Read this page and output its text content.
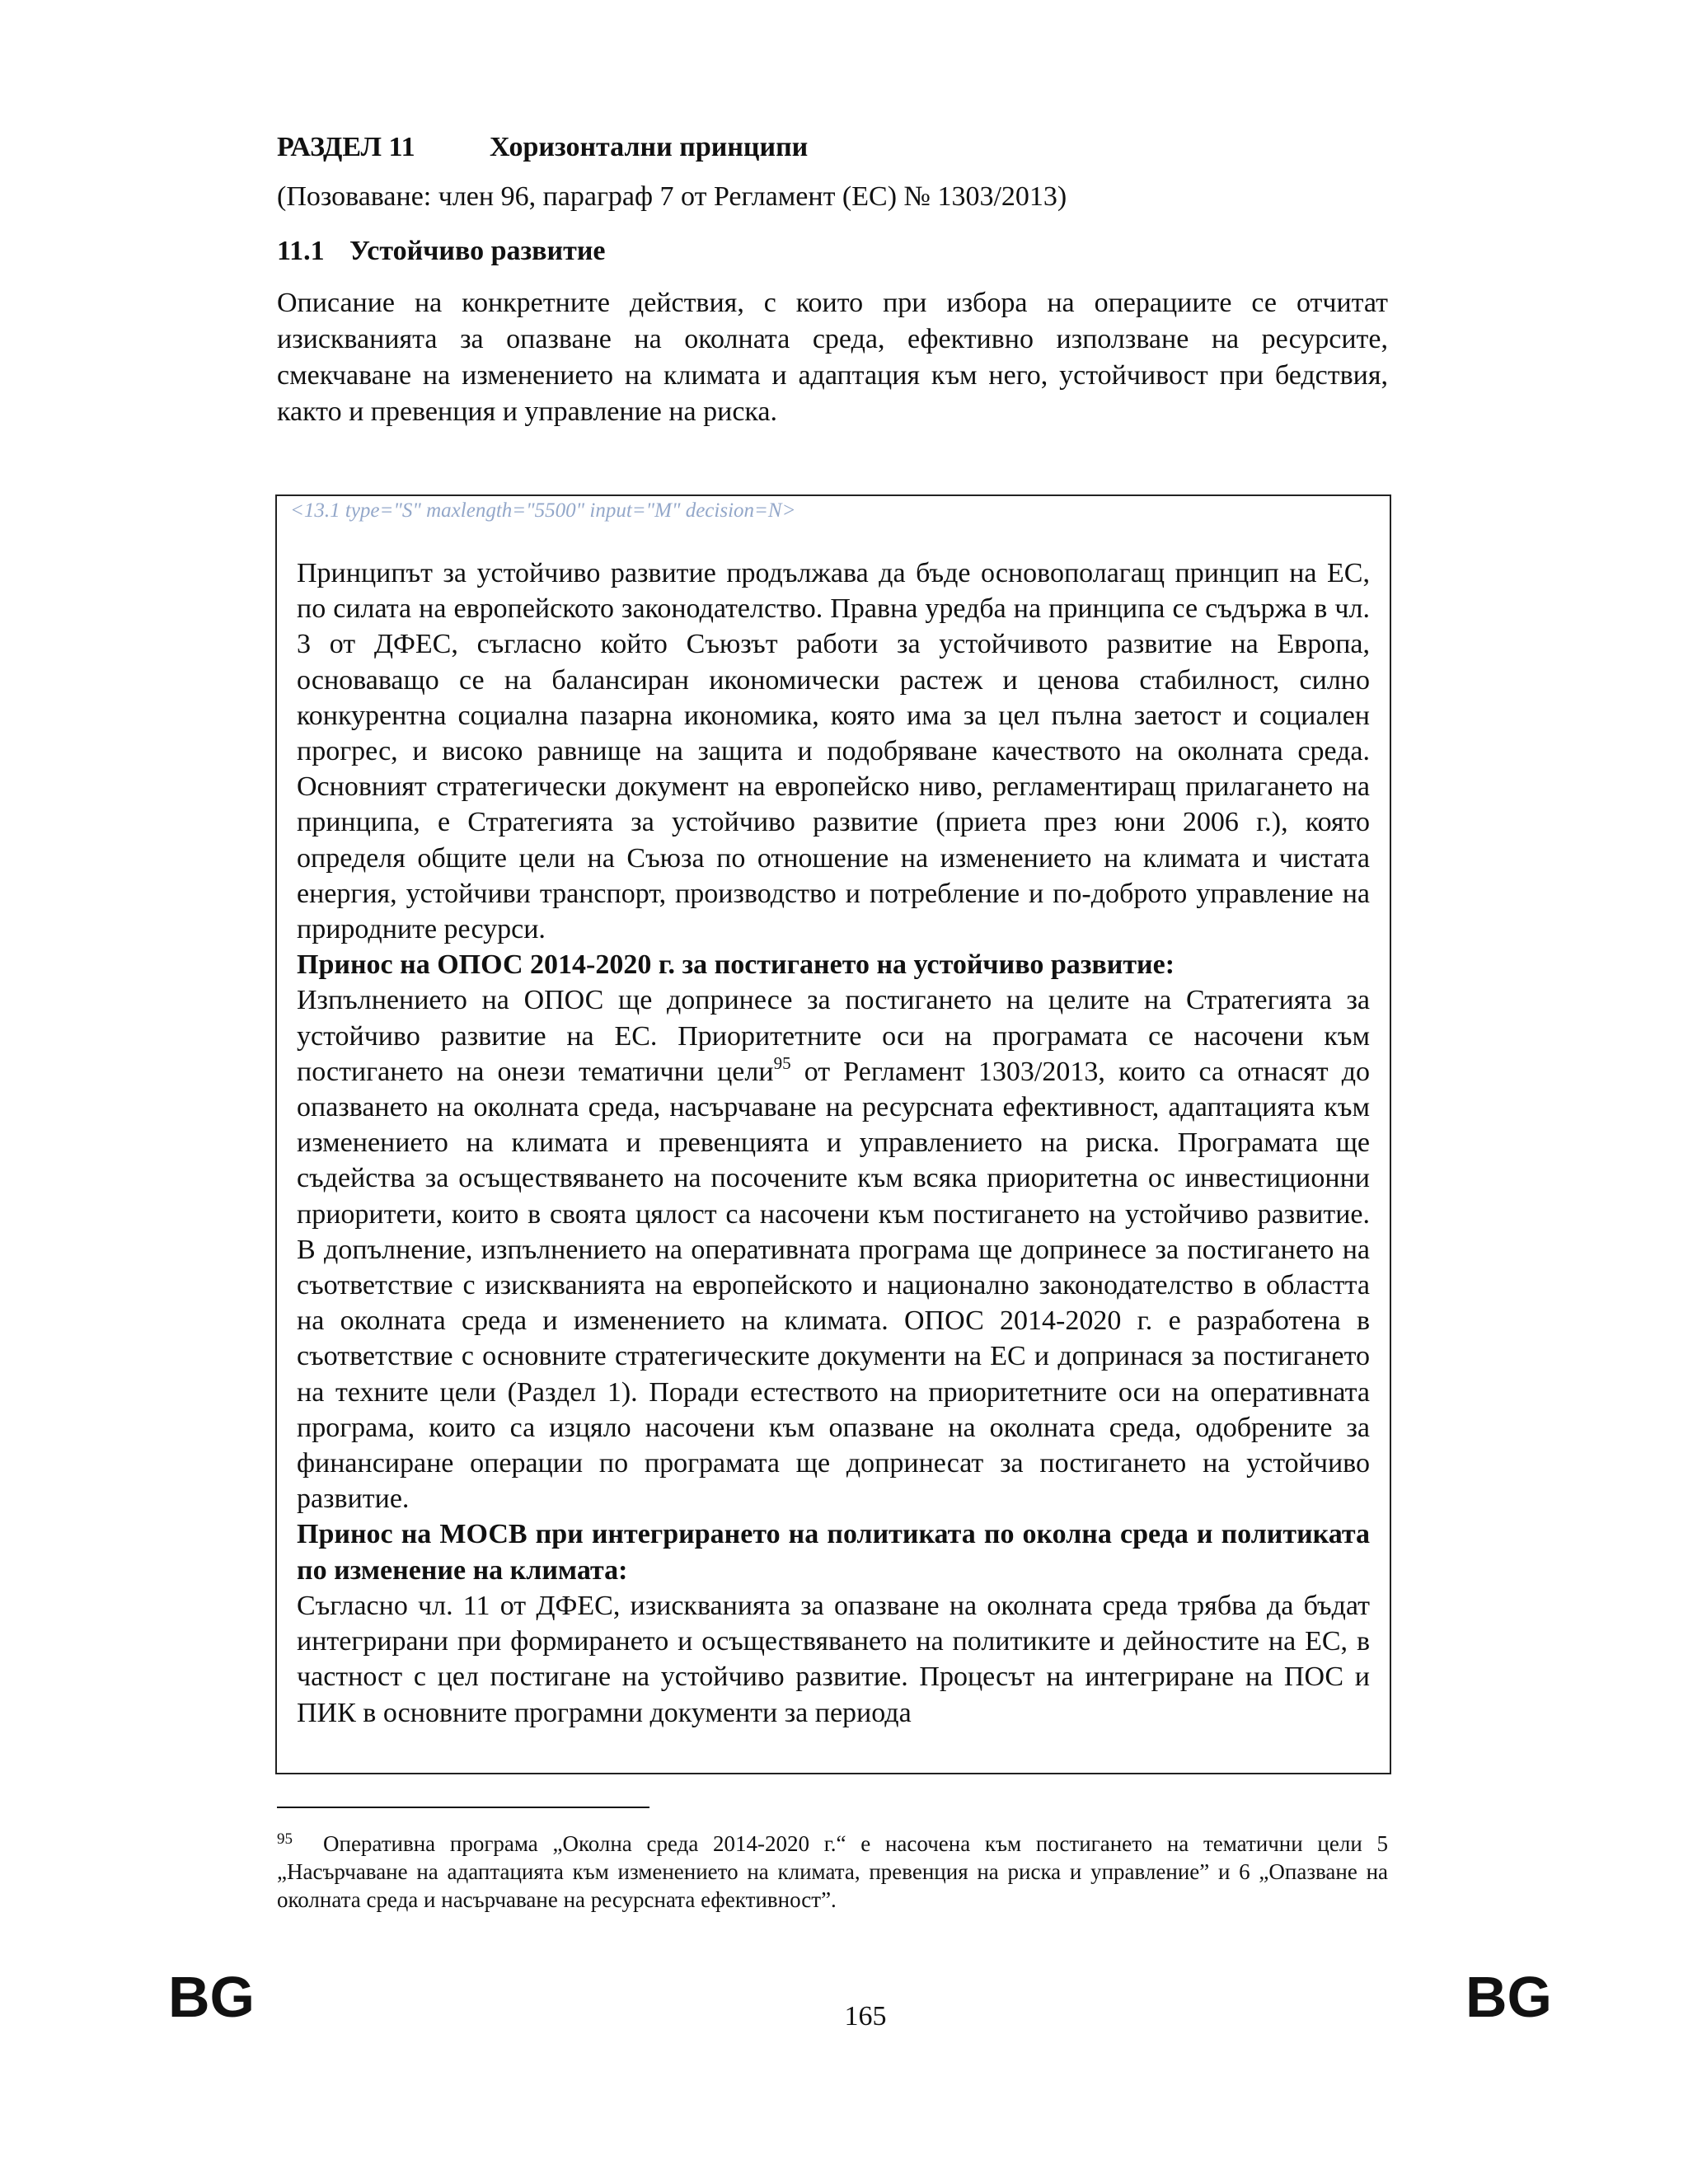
РАЗДЕЛ 11	Хоризонтални принципи
(Позоваване: член 96, параграф 7 от Регламент (ЕС) № 1303/2013)
11.1 Устойчиво развитие

Описание на конкретните действия, с които при избора на операциите се отчитат изискванията за опазване на околната среда, ефективно използване на ресурсите, смекчаване на изменението на климата и адаптация към него, устойчивост при бедствия, както и превенция и управление на риска.

<13.1 type="S" maxlength="5500" input="M" decision=N>

Принципът за устойчиво развитие продължава да бъде основополагащ принцип на ЕС, по силата на европейското законодателство. Правна уредба на принципа се съдържа в чл. 3 от ДФЕС, съгласно който Съюзът работи за устойчивото развитие на Европа, основаващо се на балансиран икономически растеж и ценова стабилност, силно конкурентна социална пазарна икономика, която има за цел пълна заетост и социален прогрес, и високо равнище на защита и подобряване качеството на околната среда. Основният стратегически документ на европейско ниво, регламентиращ прилагането на принципа, е Стратегията за устойчиво развитие (приета през юни 2006 г.), която определя общите цели на Съюза по отношение на изменението на климата и чистата енергия, устойчиви транспорт, производство и потребление и по-доброто управление на природните ресурси.

Принос на ОПОС 2014-2020 г. за постигането на устойчиво развитие:

Изпълнението на ОПОС ще допринесе за постигането на целите на Стратегията за устойчиво развитие на ЕС. Приоритетните оси на програмата се насочени към постигането на онези тематични цели$^{95}$ от Регламент 1303/2013, които са отнасят до опазването на околната среда, насърчаване на ресурсната ефективност, адаптацията към изменението на климата и превенцията и управлението на риска. Програмата ще съдейства за осъществяването на посочените към всяка приоритетна ос инвестиционни приоритети, които в своята цялост са насочени към постигането на устойчиво развитие. В допълнение, изпълнението на оперативната програма ще допринесе за постигането на съответствие с изискванията на европейското и национално законодателство в областта на околната среда и изменението на климата. ОПОС 2014-2020 г. е разработена в съответствие с основните стратегическите документи на ЕС и допринася за постигането на техните цели (Раздел 1). Поради естеството на приоритетните оси на оперативната програма, които са изцяло насочени към опазване на околната среда, одобрените за финансиране операции по програмата ще допринесат за постигането на устойчиво развитие.

Принос на МОСВ при интегрирането на политиката по околна среда и политиката по изменение на климата:

Съгласно чл. 11 от ДФЕС, изискванията за опазване на околната среда трябва да бъдат интегрирани при формирането и осъществяването на политиките и дейностите на ЕС, в частност с цел постигане на устойчиво развитие. Процесът на интегриране на ПОС и ПИК в основните програмни документи за периода

95 Оперативна програма „Околна среда 2014-2020 г.“ е насочена към постигането на тематични цели 5 „Насърчаване на адаптацията към изменението на климата, превенция на риска и управление” и 6 „Опазване на околната среда и насърчаване на ресурсната ефективност”.

BG	165	BG
